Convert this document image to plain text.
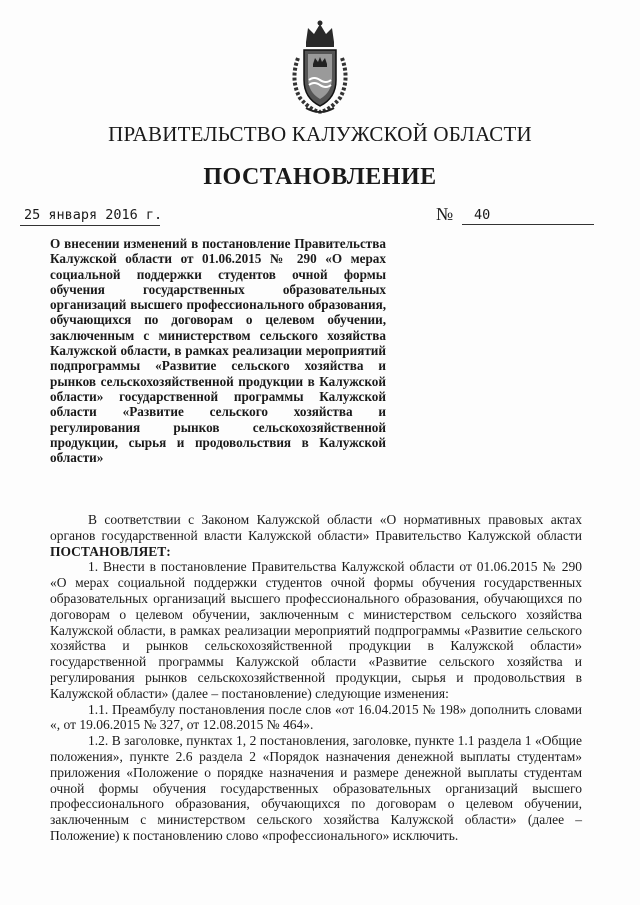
ПРАВИТЕЛЬСТВО КАЛУЖСКОЙ ОБЛАСТИ
ПОСТАНОВЛЕНИЕ
25 января 2016 г.	№ 40
О внесении изменений в постановление Правительства Калужской области от 01.06.2015 № 290 «О мерах социальной поддержки студентов очной формы обучения государственных образовательных организаций высшего профессионального образования, обучающихся по договорам о целевом обучении, заключенным с министерством сельского хозяйства Калужской области, в рамках реализации мероприятий подпрограммы «Развитие сельского хозяйства и рынков сельскохозяйственной продукции в Калужской области» государственной программы Калужской области «Развитие сельского хозяйства и регулирования рынков сельскохозяйственной продукции, сырья и продовольствия в Калужской области»

В соответствии с Законом Калужской области «О нормативных правовых актах органов государственной власти Калужской области» Правительство Калужской области ПОСТАНОВЛЯЕТ:

1. Внести в постановление Правительства Калужской области от 01.06.2015 № 290 «О мерах социальной поддержки студентов очной формы обучения государственных образовательных организаций высшего профессионального образования, обучающихся по договорам о целевом обучении, заключенным с министерством сельского хозяйства Калужской области, в рамках реализации мероприятий подпрограммы «Развитие сельского хозяйства и рынков сельскохозяйственной продукции в Калужской области» государственной программы Калужской области «Развитие сельского хозяйства и регулирования рынков сельскохозяйственной продукции, сырья и продовольствия в Калужской области» (далее – постановление) следующие изменения:

1.1. Преамбулу постановления после слов «от 16.04.2015 № 198» дополнить словами «, от 19.06.2015 № 327, от 12.08.2015 № 464».

1.2. В заголовке, пунктах 1, 2 постановления, заголовке, пункте 1.1 раздела 1 «Общие положения», пункте 2.6 раздела 2 «Порядок назначения денежной выплаты студентам» приложения «Положение о порядке назначения и размере денежной выплаты студентам очной формы обучения государственных образовательных организаций высшего профессионального образования, обучающихся по договорам о целевом обучении, заключенным с министерством сельского хозяйства Калужской области» (далее – Положение) к постановлению слово «профессионального» исключить.
